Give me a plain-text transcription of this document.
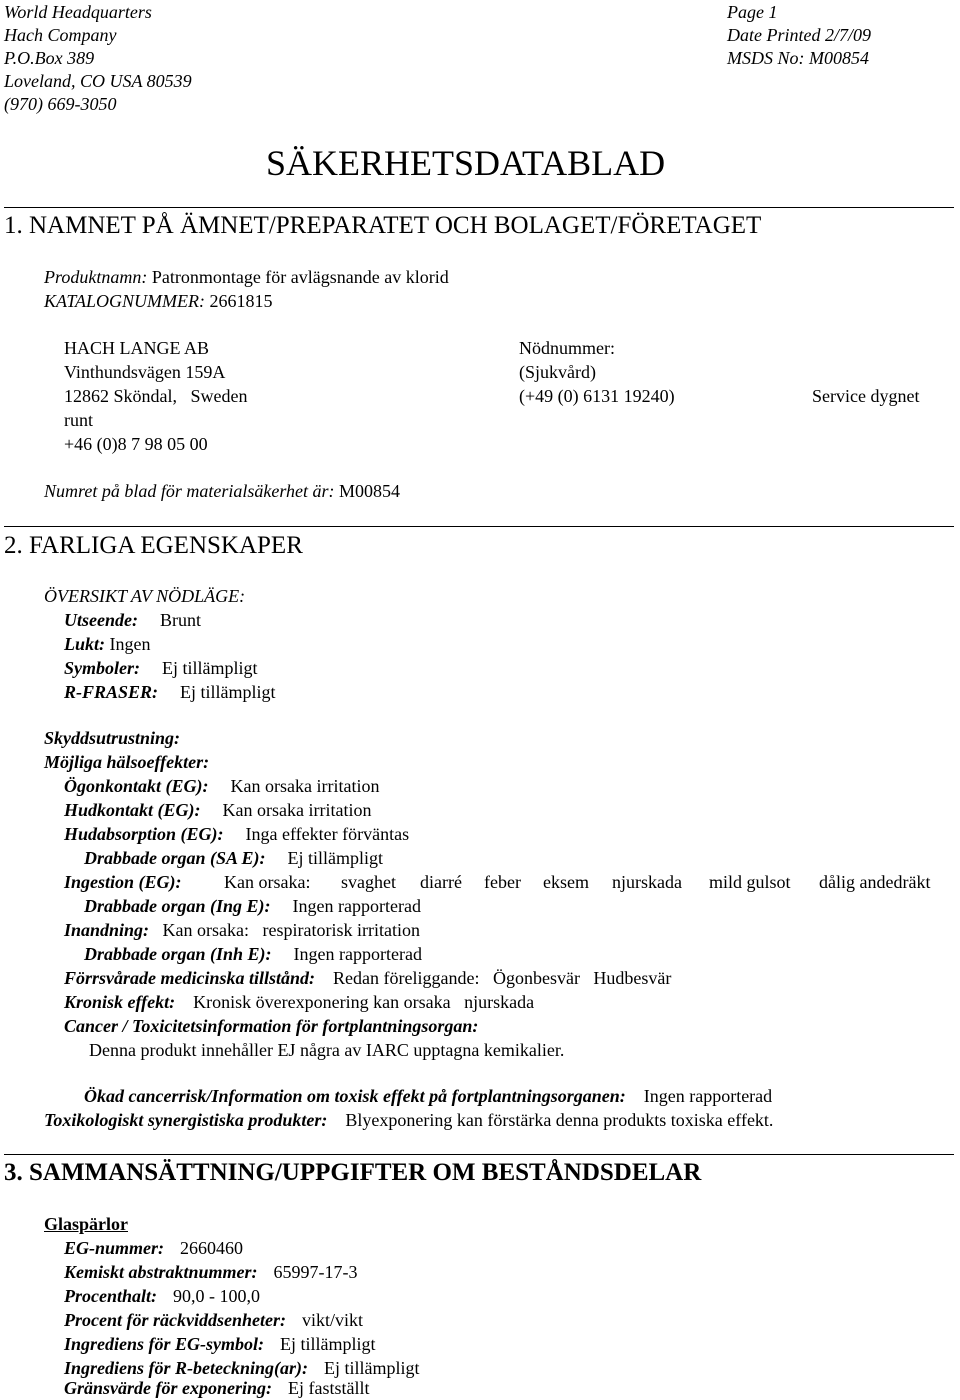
World Headquarters
Hach Company
P.O.Box 389
Loveland, CO USA 80539
(970) 669-3050
Page 1
Date Printed 2/7/09
MSDS No: M00854
SÄKERHETSDATABLAD
1. NAMNET PÅ ÄMNET/PREPARATET OCH BOLAGET/FÖRETAGET
Produktnamn: Patronmontage för avlägsnande av klorid
KATALOGNUMMER: 2661815
HACH LANGE AB
Vinthundsvägen 159A
12862 Sköndal,   Sweden
Nödnummer:
(Sjukvård)
(+49 (0) 6131 19240)	Service dygnet
runt
+46 (0)8 7 98 05 00
Numret på blad för materialsäkerhet är: M00854
2. FARLIGA EGENSKAPER
ÖVERSIKT AV NÖDLÄGE:
Utseende: Brunt
Lukt: Ingen
Symboler: Ej tillämpligt
R-FRASER: Ej tillämpligt
Skyddsutrustning:
Möjliga hälsoeffekter:
Ögonkontakt (EG): Kan orsaka irritation
Hudkontakt (EG): Kan orsaka irritation
Hudabsorption (EG): Inga effekter förväntas
Drabbade organ (SA E): Ej tillämpligt
Ingestion (EG): Kan orsaka: svaghet diarré feber eksem njurskada mild gulsot dålig andedräkt
Drabbade organ (Ing E): Ingen rapporterad
Inandning: Kan orsaka:   respiratorisk irritation
Drabbade organ (Inh E): Ingen rapporterad
Förrsvårade medicinska tillstånd: Redan föreliggande:   Ögonbesvär   Hudbesvär
Kronisk effekt: Kronisk överexponering kan orsaka   njurskada
Cancer / Toxicitetsinformation för fortplantningsorgan:
Denna produkt innehåller EJ några av IARC upptagna kemikalier.
Ökad cancerrisk/Information om toxisk effekt på fortplantningsorganen: Ingen rapporterad
Toxikologiskt synergistiska produkter: Blyexponering kan förstärka denna produkts toxiska effekt.
3. SAMMANSÄTTNING/UPPGIFTER OM BESTÅNDSDELAR
Glaspärlor
EG-nummer: 2660460
Kemiskt abstraktnummer: 65997-17-3
Procenthalt: 90,0 - 100,0
Procent för räckviddsenheter: vikt/vikt
Ingrediens för EG-symbol: Ej tillämpligt
Ingrediens för R-beteckning(ar): Ej tillämpligt
Gränsvärde för exponering: Ej fastställt
